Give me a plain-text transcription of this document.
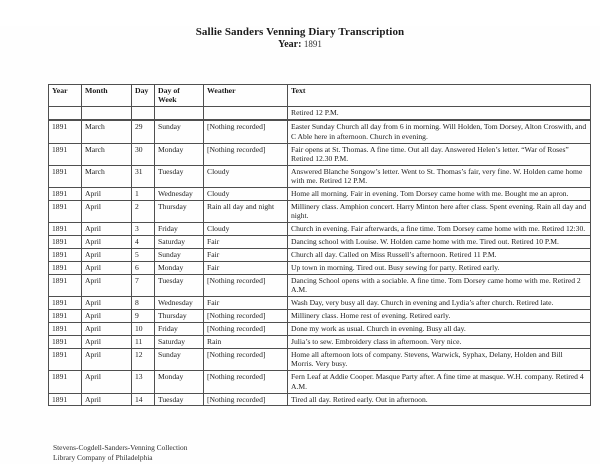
Sallie Sanders Venning Diary Transcription
Year: 1891
Year	Month	Day	Day of Week	Weather	Text
					Retired 12 P.M.
1891	March	29	Sunday	[Nothing recorded]	Easter Sunday Church all day from 6 in morning. Will Holden, Tom Dorsey, Alton Croswith, and C Able here in afternoon. Church in evening.
1891	March	30	Monday	[Nothing recorded]	Fair opens at St. Thomas. A fine time. Out all day. Answered Helen’s letter. “War of Roses” Retired 12.30 P.M.
1891	March	31	Tuesday	Cloudy	Answered Blanche Songow’s letter. Went to St. Thomas’s fair, very fine. W. Holden came home with me. Retired 12 P.M.
1891	April	1	Wednesday	Cloudy	Home all morning. Fair in evening. Tom Dorsey came home with me. Bought me an apron.
1891	April	2	Thursday	Rain all day and night	Millinery class. Amphion concert. Harry Minton here after class. Spent evening. Rain all day and night.
1891	April	3	Friday	Cloudy	Church in evening. Fair afterwards, a fine time. Tom Dorsey came home with me. Retired 12:30.
1891	April	4	Saturday	Fair	Dancing school with Louise. W. Holden came home with me. Tired out. Retired 10 P.M.
1891	April	5	Sunday	Fair	Church all day. Called on Miss Russell’s afternoon. Retired 11 P.M.
1891	April	6	Monday	Fair	Up town in morning. Tired out. Busy sewing for party. Retired early.
1891	April	7	Tuesday	[Nothing recorded]	Dancing School opens with a sociable. A fine time. Tom Dorsey came home with me. Retired 2 A.M.
1891	April	8	Wednesday	Fair	Wash Day, very busy all day. Church in evening and Lydia’s after church. Retired late.
1891	April	9	Thursday	[Nothing recorded]	Millinery class. Home rest of evening. Retired early.
1891	April	10	Friday	[Nothing recorded]	Done my work as usual. Church in evening. Busy all day.
1891	April	11	Saturday	Rain	Julia’s to sew. Embroidery class in afternoon. Very nice.
1891	April	12	Sunday	[Nothing recorded]	Home all afternoon lots of company. Stevens, Warwick, Syphax, Delany, Holden and Bill Morris. Very busy.
1891	April	13	Monday	[Nothing recorded]	Fern Leaf at Addie Cooper. Masque Party after. A fine time at masque. W.H. company. Retired 4 A.M.
1891	April	14	Tuesday	[Nothing recorded]	Tired all day. Retired early. Out in afternoon.
Stevens-Cogdell-Sanders-Venning Collection
Library Company of Philadelphia
